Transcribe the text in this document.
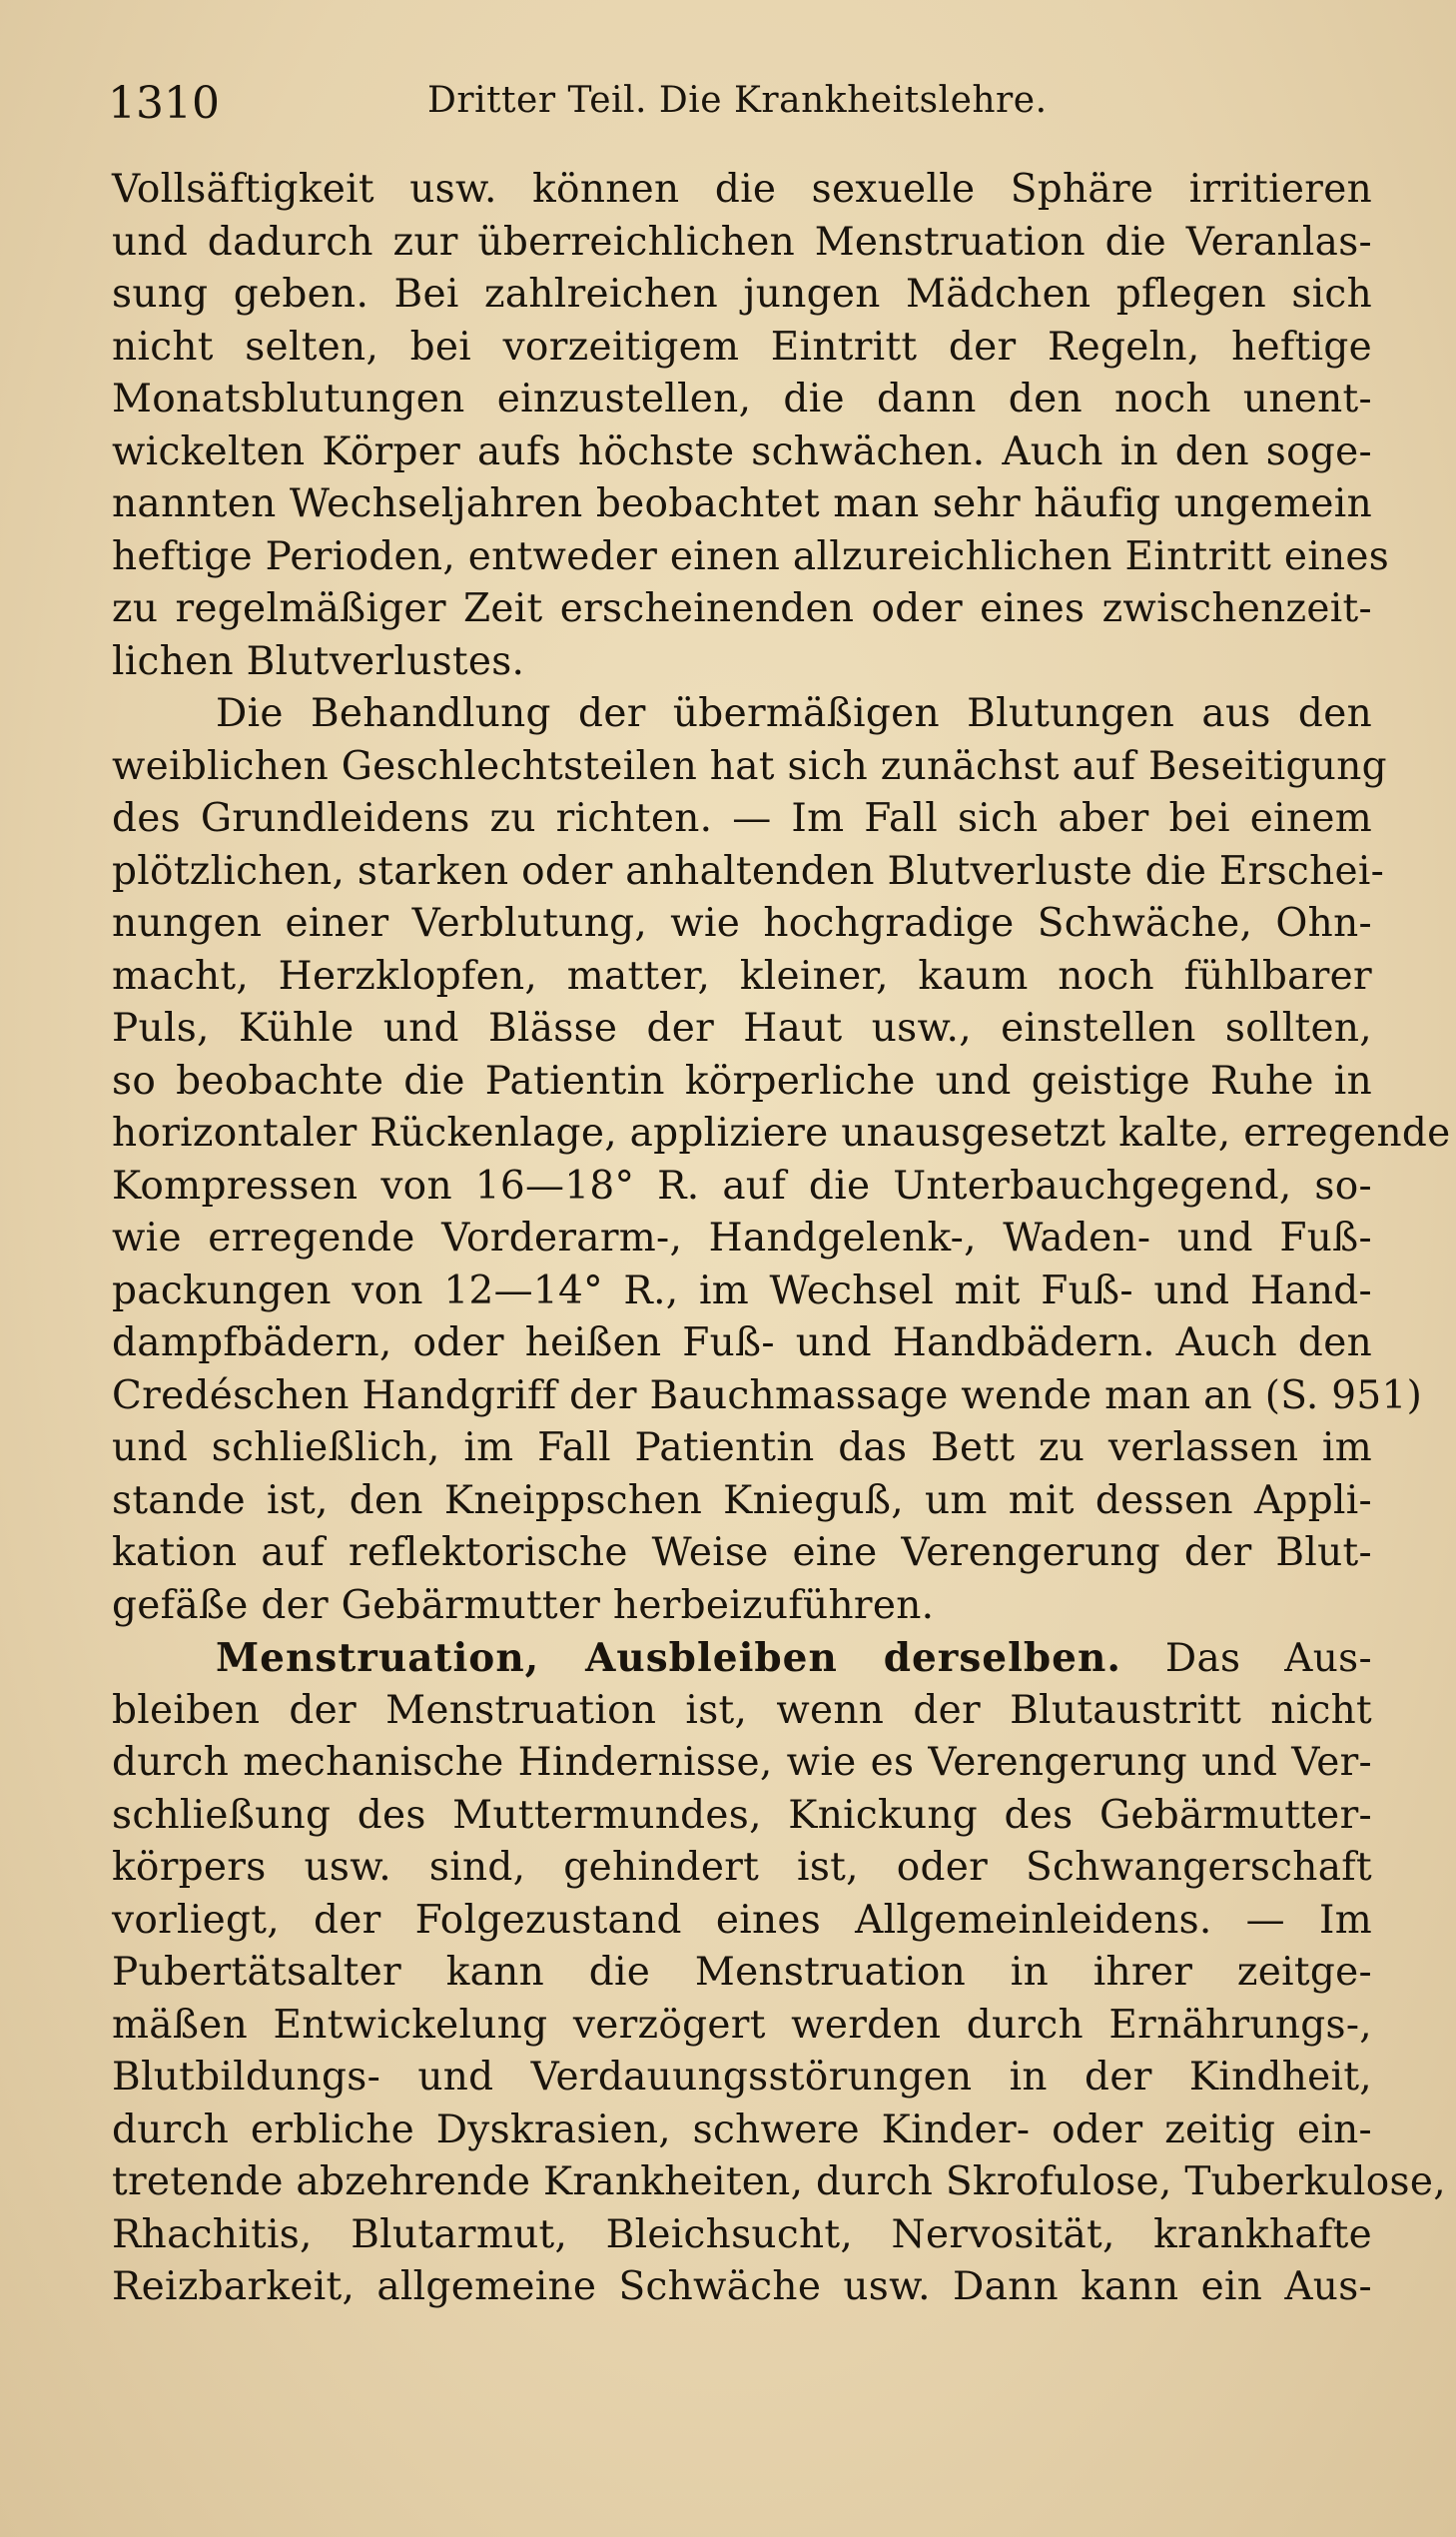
1310	Dritter Teil. Die Krankheitslehre.
Vollsäftigkeit usw. können die sexuelle Sphäre irritieren
und dadurch zur überreichlichen Menstruation die Veranlas-
sung geben. Bei zahlreichen jungen Mädchen pflegen sich
nicht selten, bei vorzeitigem Eintritt der Regeln, heftige
Monatsblutungen einzustellen, die dann den noch unent-
wickelten Körper aufs höchste schwächen. Auch in den soge-
nannten Wechseljahren beobachtet man sehr häufig ungemein
heftige Perioden, entweder einen allzureichlichen Eintritt eines
zu regelmäßiger Zeit erscheinenden oder eines zwischenzeit-
lichen Blutverlustes.
Die Behandlung der übermäßigen Blutungen aus den
weiblichen Geschlechtsteilen hat sich zunächst auf Beseitigung
des Grundleidens zu richten. — Im Fall sich aber bei einem
plötzlichen, starken oder anhaltenden Blutverluste die Erschei-
nungen einer Verblutung, wie hochgradige Schwäche, Ohn-
macht, Herzklopfen, matter, kleiner, kaum noch fühlbarer
Puls, Kühle und Blässe der Haut usw., einstellen sollten,
so beobachte die Patientin körperliche und geistige Ruhe in
horizontaler Rückenlage, appliziere unausgesetzt kalte, erregende
Kompressen von 16—18° R. auf die Unterbauchgegend, so-
wie erregende Vorderarm-, Handgelenk-, Waden- und Fuß-
packungen von 12—14° R., im Wechsel mit Fuß- und Hand-
dampfbädern, oder heißen Fuß- und Handbädern. Auch den
Credéschen Handgriff der Bauchmassage wende man an (S. 951)
und schließlich, im Fall Patientin das Bett zu verlassen im
stande ist, den Kneippschen Knieguß, um mit dessen Appli-
kation auf reflektorische Weise eine Verengerung der Blut-
gefäße der Gebärmutter herbeizuführen.
Menstruation, Ausbleiben derselben. Das Aus-
bleiben der Menstruation ist, wenn der Blutaustritt nicht
durch mechanische Hindernisse, wie es Verengerung und Ver-
schließung des Muttermundes, Knickung des Gebärmutter-
körpers usw. sind, gehindert ist, oder Schwangerschaft
vorliegt, der Folgezustand eines Allgemeinleidens. — Im
Pubertätsalter kann die Menstruation in ihrer zeitge-
mäßen Entwickelung verzögert werden durch Ernährungs-,
Blutbildungs- und Verdauungsstörungen in der Kindheit,
durch erbliche Dyskrasien, schwere Kinder- oder zeitig ein-
tretende abzehrende Krankheiten, durch Skrofulose, Tuberkulose,
Rhachitis, Blutarmut, Bleichsucht, Nervosität, krankhafte
Reizbarkeit, allgemeine Schwäche usw. Dann kann ein Aus-
